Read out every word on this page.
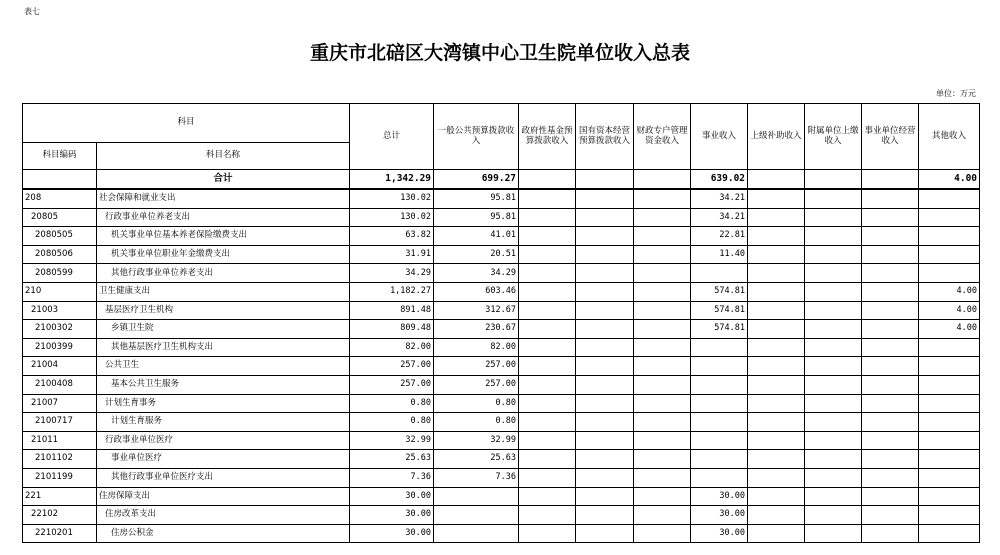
表七
重庆市北碚区大湾镇中心卫生院单位收入总表
单位：万元
科目		总计	一般公共预算拨款收入	政府性基金预算拨款收入	国有资本经营预算拨款收入	财政专户管理资金收入	事业收入	上级补助收入	附属单位上缴收入	事业单位经营收入	其他收入
科目编码	科目名称										
	合计	1,342.29	699.27				639.02				4.00
208	社会保障和就业支出	130.02	95.81				34.21				
20805	行政事业单位养老支出	130.02	95.81				34.21				
2080505	机关事业单位基本养老保险缴费支出	63.82	41.01				22.81				
2080506	机关事业单位职业年金缴费支出	31.91	20.51				11.40				
2080599	其他行政事业单位养老支出	34.29	34.29								
210	卫生健康支出	1,182.27	603.46				574.81				4.00
21003	基层医疗卫生机构	891.48	312.67				574.81				4.00
2100302	乡镇卫生院	809.48	230.67				574.81				4.00
2100399	其他基层医疗卫生机构支出	82.00	82.00								
21004	公共卫生	257.00	257.00								
2100408	基本公共卫生服务	257.00	257.00								
21007	计划生育事务	0.80	0.80								
2100717	计划生育服务	0.80	0.80								
21011	行政事业单位医疗	32.99	32.99								
2101102	事业单位医疗	25.63	25.63								
2101199	其他行政事业单位医疗支出	7.36	7.36								
221	住房保障支出	30.00					30.00				
22102	住房改革支出	30.00					30.00				
2210201	住房公积金	30.00					30.00				
